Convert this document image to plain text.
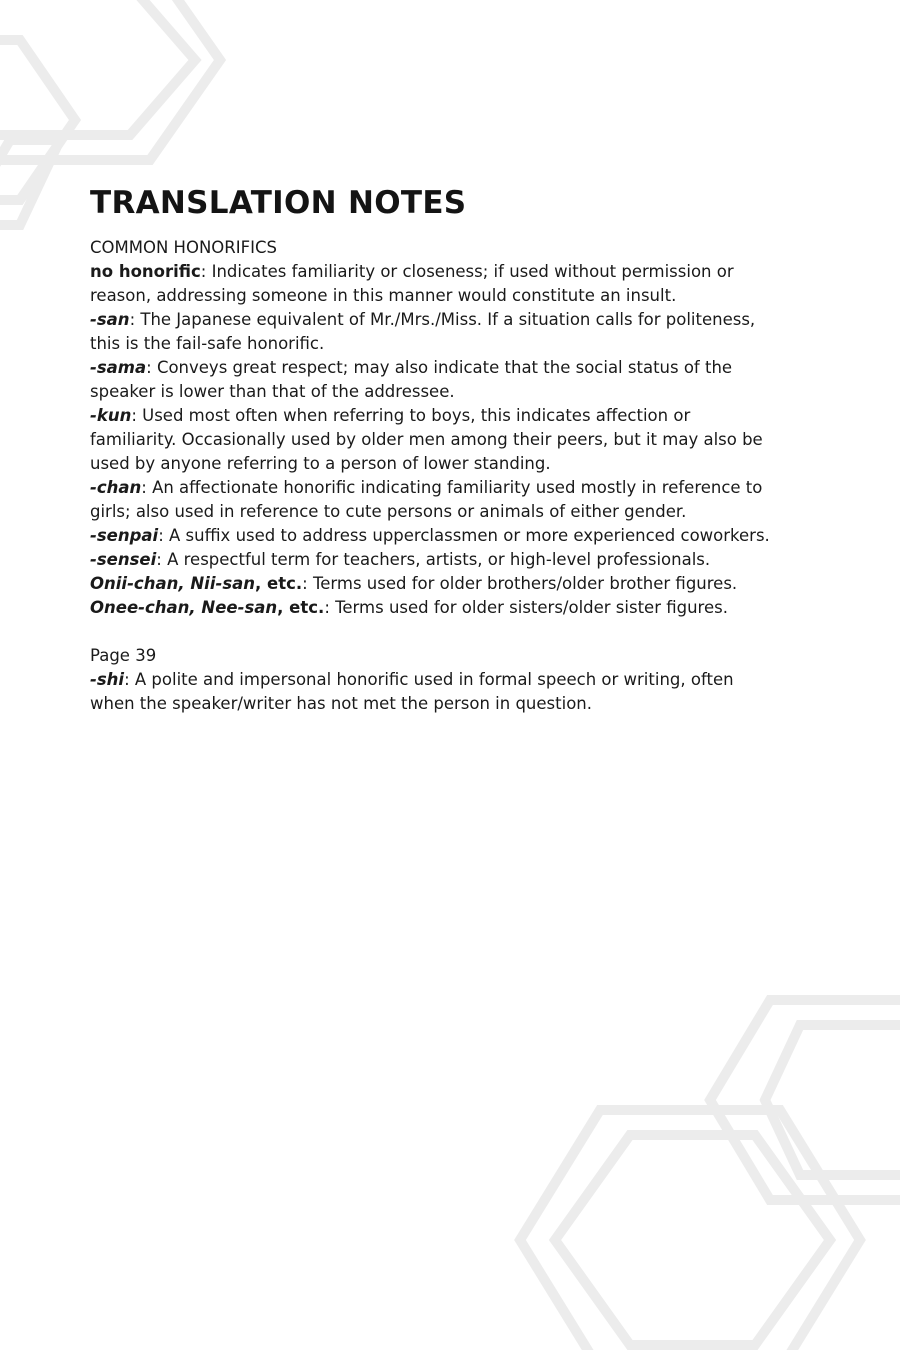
TRANSLATION NOTES
COMMON HONORIFICS

no honorific: Indicates familiarity or closeness; if used without permission or reason, addressing someone in this manner would constitute an insult.

-san: The Japanese equivalent of Mr./Mrs./Miss. If a situation calls for politeness, this is the fail-safe honorific.

-sama: Conveys great respect; may also indicate that the social status of the speaker is lower than that of the addressee.

-kun: Used most often when referring to boys, this indicates affection or familiarity. Occasionally used by older men among their peers, but it may also be used by anyone referring to a person of lower standing.

-chan: An affectionate honorific indicating familiarity used mostly in reference to girls; also used in reference to cute persons or animals of either gender.

-senpai: A suffix used to address upperclassmen or more experienced coworkers.

-sensei: A respectful term for teachers, artists, or high-level professionals.

Onii-chan, Nii-san, etc.: Terms used for older brothers/older brother figures.

Onee-chan, Nee-san, etc.: Terms used for older sisters/older sister figures.

Page 39

-shi: A polite and impersonal honorific used in formal speech or writing, often when the speaker/writer has not met the person in question.
